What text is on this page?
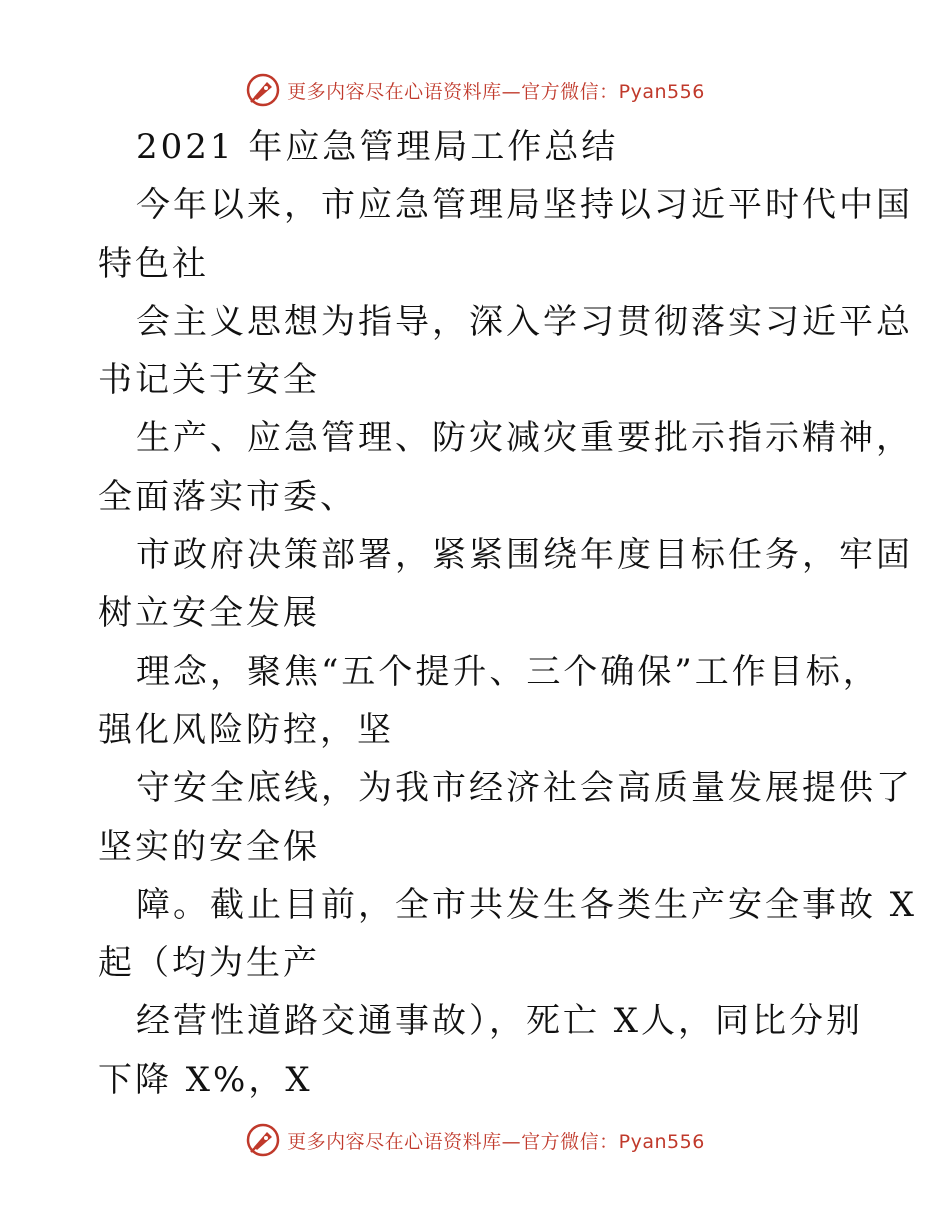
更多内容尽在心语资料库—官方微信：Pyan556
2021 年应急管理局工作总结
今年以来，市应急管理局坚持以习近平时代中国
特色社
会主义思想为指导，深入学习贯彻落实习近平总
书记关于安全
生产、应急管理、防灾减灾重要批示指示精神，
全面落实市委、
市政府决策部署，紧紧围绕年度目标任务，牢固
树立安全发展
理念，聚焦“五个提升、三个确保”工作目标，
强化风险防控，坚
守安全底线，为我市经济社会高质量发展提供了
坚实的安全保
障。截止目前，全市共发生各类生产安全事故 X
起（均为生产
经营性道路交通事故），死亡 X人，同比分别
下降 X%，X
更多内容尽在心语资料库—官方微信：Pyan556
